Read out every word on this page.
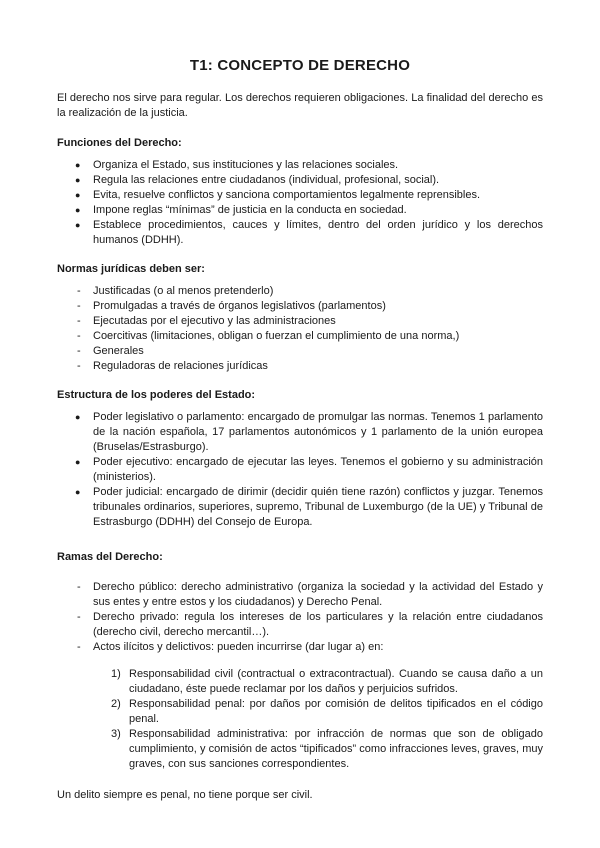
T1: CONCEPTO DE DERECHO

El derecho nos sirve para regular. Los derechos requieren obligaciones. La finalidad del derecho es la realización de la justicia.

Funciones del Derecho:
●	Organiza el Estado, sus instituciones y las relaciones sociales.
●	Regula las relaciones entre ciudadanos (individual, profesional, social).
●	Evita, resuelve conflictos y sanciona comportamientos legalmente reprensibles.
●	Impone reglas “mínimas” de justicia en la conducta en sociedad.
●	Establece procedimientos, cauces y límites, dentro del orden jurídico y los derechos humanos (DDHH).
Normas jurídicas deben ser:
-	Justificadas (o al menos pretenderlo)
-	Promulgadas a través de órganos legislativos (parlamentos)
-	Ejecutadas por el ejecutivo y las administraciones
-	Coercitivas (limitaciones, obligan o fuerzan el cumplimiento de una norma,)
-	Generales
-	Reguladoras de relaciones jurídicas
Estructura de los poderes del Estado:
●	Poder legislativo o parlamento: encargado de promulgar las normas. Tenemos 1 parlamento de la nación española, 17 parlamentos autonómicos y 1 parlamento de la unión europea (Bruselas/Estrasburgo).
●	Poder ejecutivo: encargado de ejecutar las leyes. Tenemos el gobierno y su administración (ministerios).
●	Poder judicial: encargado de dirimir (decidir quién tiene razón) conflictos y juzgar. Tenemos tribunales ordinarios, superiores, supremo, Tribunal de Luxemburgo (de la UE) y Tribunal de Estrasburgo (DDHH) del Consejo de Europa.
Ramas del Derecho:
-	Derecho público: derecho administrativo (organiza la sociedad y la actividad del Estado y sus entes y entre estos y los ciudadanos) y Derecho Penal.
-	Derecho privado: regula los intereses de los particulares y la relación entre ciudadanos (derecho civil, derecho mercantil…).
-	Actos ilícitos y delictivos: pueden incurrirse (dar lugar a) en:
1) Responsabilidad civil (contractual o extracontractual). Cuando se causa daño a un ciudadano, éste puede reclamar por los daños y perjuicios sufridos.
2) Responsabilidad penal: por daños por comisión de delitos tipificados en el código penal.
3) Responsabilidad administrativa: por infracción de normas que son de obligado cumplimiento, y comisión de actos “tipificados” como infracciones leves, graves, muy graves, con sus sanciones correspondientes.

Un delito siempre es penal, no tiene porque ser civil.
